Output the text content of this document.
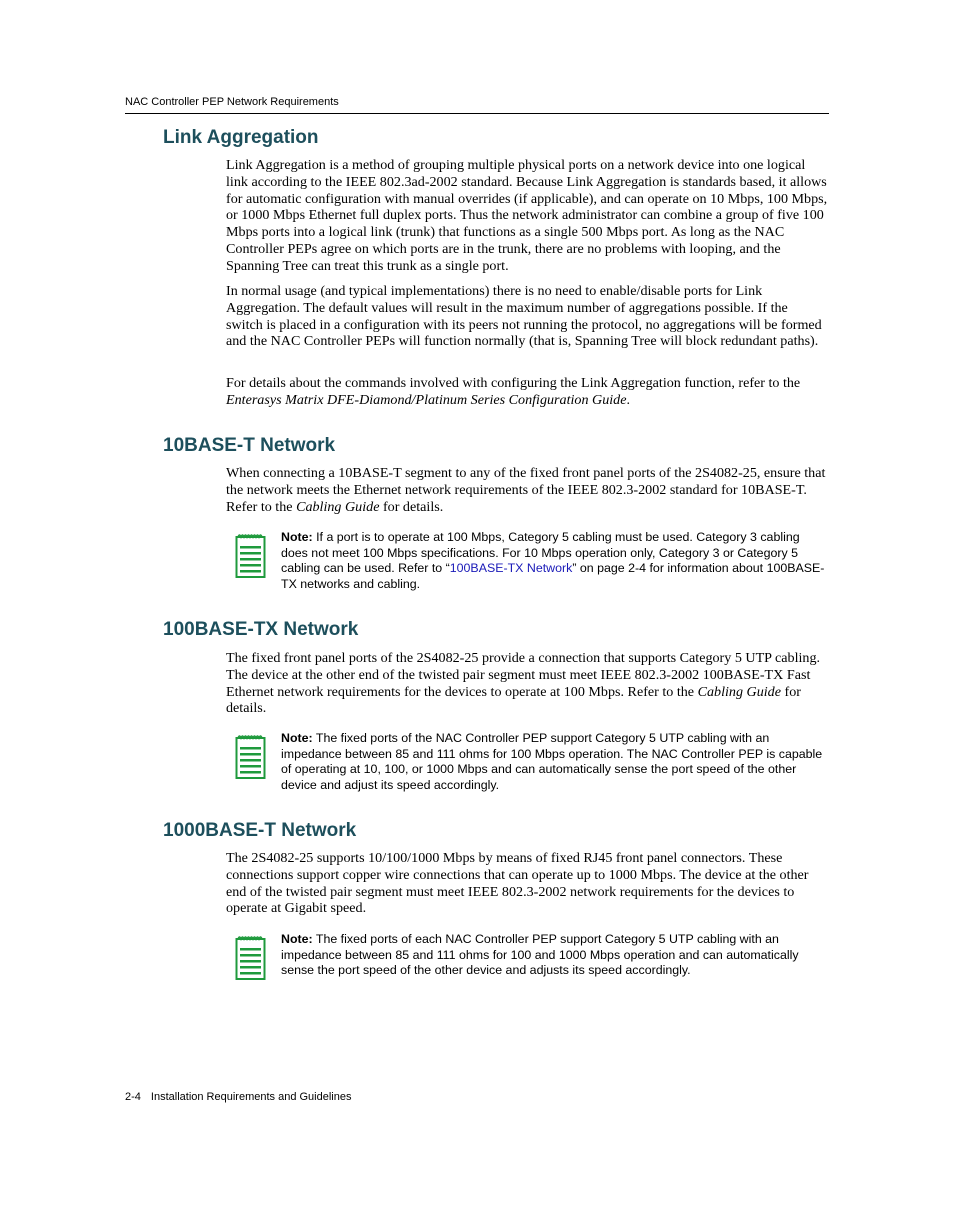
NAC Controller PEP Network Requirements
Link Aggregation

Link Aggregation is a method of grouping multiple physical ports on a network device into one logical link according to the IEEE 802.3ad-2002 standard. Because Link Aggregation is standards based, it allows for automatic configuration with manual overrides (if applicable), and can operate on 10 Mbps, 100 Mbps, or 1000 Mbps Ethernet full duplex ports. Thus the network administrator can combine a group of five 100 Mbps ports into a logical link (trunk) that functions as a single 500 Mbps port. As long as the NAC Controller PEPs agree on which ports are in the trunk, there are no problems with looping, and the Spanning Tree can treat this trunk as a single port.

In normal usage (and typical implementations) there is no need to enable/disable ports for Link Aggregation. The default values will result in the maximum number of aggregations possible. If the switch is placed in a configuration with its peers not running the protocol, no aggregations will be formed and the NAC Controller PEPs will function normally (that is, Spanning Tree will block redundant paths).

For details about the commands involved with configuring the Link Aggregation function, refer to the Enterasys Matrix DFE-Diamond/Platinum Series Configuration Guide.

10BASE-T Network

When connecting a 10BASE-T segment to any of the fixed front panel ports of the 2S4082-25, ensure that the network meets the Ethernet network requirements of the IEEE 802.3-2002 standard for 10BASE-T. Refer to the Cabling Guide for details.

Note: If a port is to operate at 100 Mbps, Category 5 cabling must be used. Category 3 cabling does not meet 100 Mbps specifications. For 10 Mbps operation only, Category 3 or Category 5 cabling can be used. Refer to “100BASE-TX Network” on page 2-4 for information about 100BASE-TX networks and cabling.

100BASE-TX Network

The fixed front panel ports of the 2S4082-25 provide a connection that supports Category 5 UTP cabling. The device at the other end of the twisted pair segment must meet IEEE 802.3-2002 100BASE-TX Fast Ethernet network requirements for the devices to operate at 100 Mbps. Refer to the Cabling Guide for details.

Note: The fixed ports of the NAC Controller PEP support Category 5 UTP cabling with an impedance between 85 and 111 ohms for 100 Mbps operation. The NAC Controller PEP is capable of operating at 10, 100, or 1000 Mbps and can automatically sense the port speed of the other device and adjust its speed accordingly.

1000BASE-T Network

The 2S4082-25 supports 10/100/1000 Mbps by means of fixed RJ45 front panel connectors. These connections support copper wire connections that can operate up to 1000 Mbps. The device at the other end of the twisted pair segment must meet IEEE 802.3-2002 network requirements for the devices to operate at Gigabit speed.

Note: The fixed ports of each NAC Controller PEP support Category 5 UTP cabling with an impedance between 85 and 111 ohms for 100 and 1000 Mbps operation and can automatically sense the port speed of the other device and adjusts its speed accordingly.

2-4 Installation Requirements and Guidelines
